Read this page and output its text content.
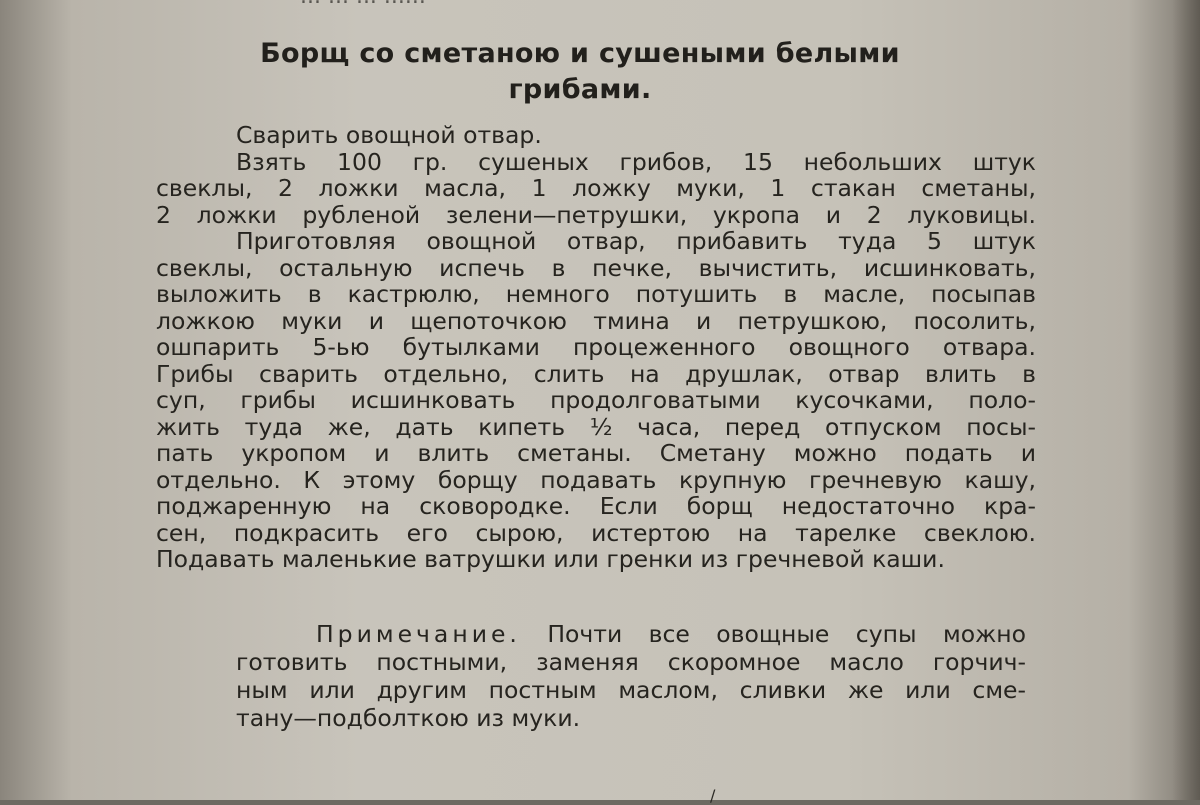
Борщ со сметаною и сушеными белыми
грибами.
Сварить овощной отвар.
Взять 100 гр. сушеных грибов, 15 небольших штук
свеклы, 2 ложки масла, 1 ложку муки, 1 стакан сметаны,
2 ложки рубленой зелени—петрушки, укропа и 2 луковицы.
Приготовляя овощной отвар, прибавить туда 5 штук
свеклы, остальную испечь в печке, вычистить, исшинковать,
выложить в кастрюлю, немного потушить в масле, посыпав
ложкою муки и щепоточкою тмина и петрушкою, посолить,
ошпарить 5-ью бутылками процеженного овощного отвара.
Грибы сварить отдельно, слить на друшлак, отвар влить в
суп, грибы исшинковать продолговатыми кусочками, поло-
жить туда же, дать кипеть ½ часа, перед отпуском посы-
пать укропом и влить сметаны. Сметану можно подать и
отдельно. К этому борщу подавать крупную гречневую кашу,
поджаренную на сковородке. Если борщ недостаточно кра-
сен, подкрасить его сырою, истертою на тарелке свеклою.
Подавать маленькие ватрушки или гренки из гречневой каши.
Примечание. Почти все овощные супы можно
готовить постными, заменяя скоромное масло горчич-
ным или другим постным маслом, сливки же или сме-
тану—подболткою из муки.
/
